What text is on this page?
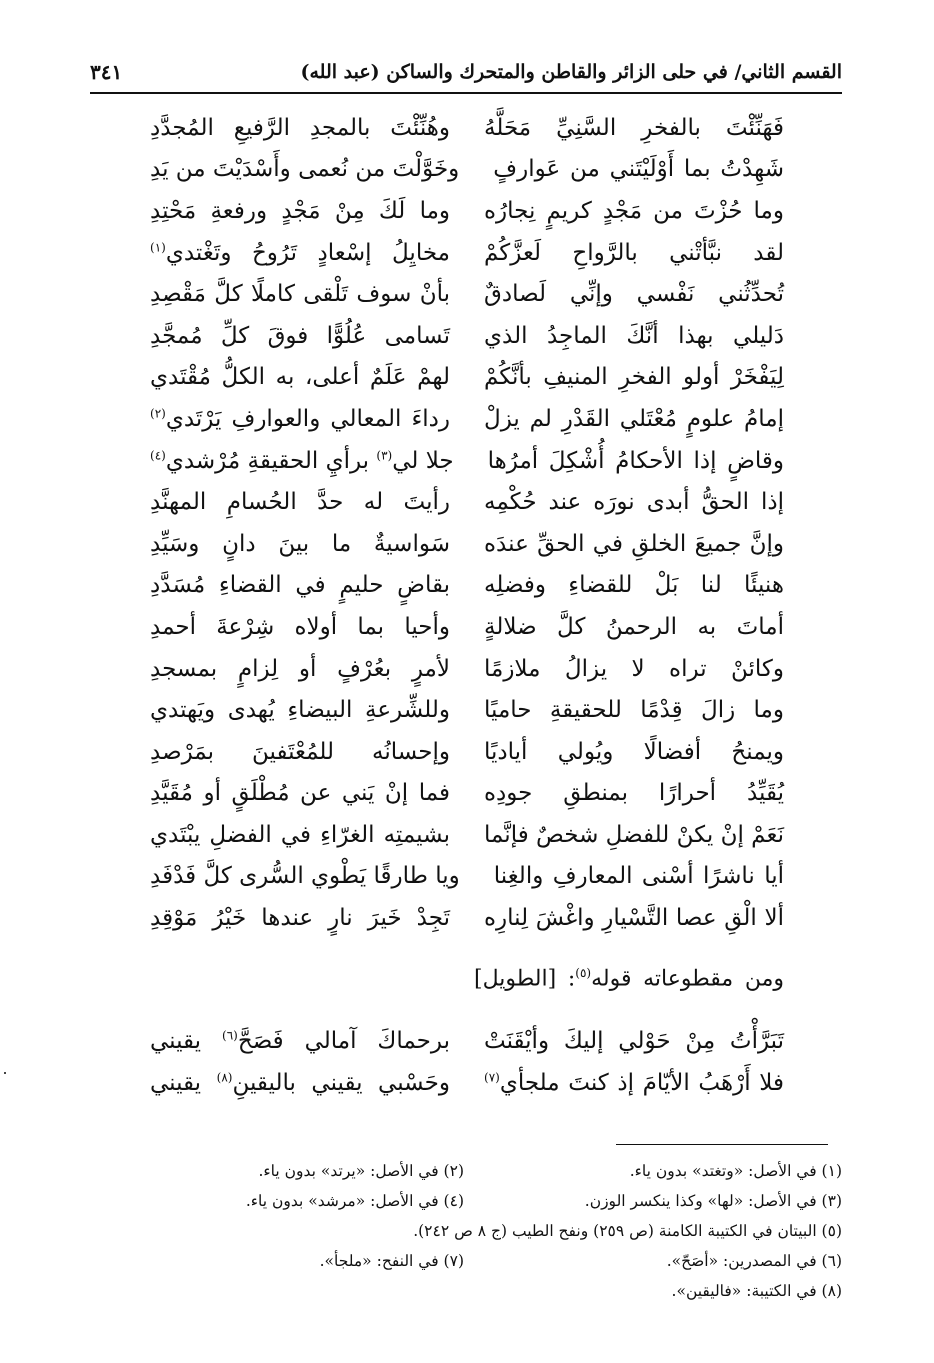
القسم الثاني/ في حلى الزائر والقاطن والمتحرك والساكن (عبد الله)
٣٤١
فَهَنِّئْتَ بالفخرِ السَّنِيِّ مَحَلَّهُ
وهُنِّئْتَ بالمجدِ الرَّفيعِ المُجدَّدِ
شَهِدْتُ بما أَوْلَيْتَني من عَوارفٍ
وخَوَّلْتَ من نُعمى وأَسْدَيْتَ من يَدِ
وما حُزْتَ من مَجْدٍ كريمٍ نِجارُه
وما لَكَ مِنْ مَجْدٍ ورفعةِ مَحْتِدِ
لقد نبَّأتْني بالرَّواحِ لَعزَّكُمْ
مخايِلُ إسْعادٍ تَرُوحُ وتَغْتدي$^{(١)}$
تُحدِّثُني نَفْسي وإنِّي لَصادقٌ
بأنْ سوف تَلْقى كاملًا كلَّ مَقْصِدِ
دَليلي بهذا أنَّكَ الماجِدُ الذي
تَسامى عُلُوًّا فوقَ كلِّ مُمجَّدِ
لِيَفْخَرْ أولو الفخرِ المنيفِ بأنَّكُمْ
لهمْ عَلَمٌ أعلى، به الكلُّ مُقْتَدي
إمامُ علومٍ مُعْتَلي القَدْرِ لم يزلْ
رداءَ المعالي والعوارفِ يَرْتَدي$^{(٢)}$
وقاضٍ إذا الأحكامُ أُشْكِلَ أمرُها
جلا لي$^{(٣)}$ برأيِ الحقيقةِ مُرْشدي$^{(٤)}$
إذا الحقُّ أبدى نورَه عند حُكْمِه
رأيتَ له حدَّ الحُسامِ المهنَّدِ
وإنَّ جميعَ الخلقِ في الحقِّ عندَه
سَواسيةٌ ما بينَ دانٍ وسَيِّدِ
هنيئًا لنا بَلْ للقضاءِ وفضلِه
بقاضٍ حليمٍ في القضاءِ مُسَدَّدِ
أماتَ به الرحمنُ كلَّ ضلالةٍ
وأحيا بما أولاه شِرْعةَ أحمدِ
وكائنْ تراه لا يزالُ ملازمًا
لأمرٍ بعُرْفٍ أو لِزامٍ بمسجدِ
وما زالَ قِدْمًا للحقيقةِ حاميًا
وللشِّرعةِ البيضاءِ يُهدى ويَهتدي
ويمنحُ أفضالًا ويُولي أياديًا
وإحسانُه للمُعْتَفينَ بمَرْصدِ
يُقَيِّدُ أحرارًا بمنطقِ جودِه
فما إنْ يَني عن مُطْلَقٍ أو مُقَيَّدِ
نَعَمْ إنْ يكنْ للفضلِ شخصٌ فإنَّما
بشيمتِه الغرّاءِ في الفضلِ يبْتَدي
أيا ناشرًا أسْنى المعارفِ والغِنا
ويا طارقًا يَطْوي السُّرى كلَّ فَدْفَدِ
ألا الْقِ عصا التَّسْيارِ واغْشَ لِنارِه
تَجِدْ خَيرَ نارٍ عندها خَيْرُ مَوْقِدِ
ومن مقطوعاته قوله$^{(٥)}$: [الطويل]
تَبَرَّأْتُ مِنْ حَوْلي إليكَ وأيْقَنَتْ
برحماكَ آمالي فَصَحَّ$^{(٦)}$ يقيني
فلا أَرْهَبُ الأيّامَ إذ كنتَ ملجأي$^{(٧)}$
وحَسْبي يقيني باليقينِ$^{(٨)}$ يقيني
(١) في الأصل: «وتغتد» بدون ياء.
(٢) في الأصل: «يرتد» بدون ياء.
(٣) في الأصل: «لها» وكذا ينكسر الوزن.
(٤) في الأصل: «مرشد» بدون ياء.
(٥) البيتان في الكتيبة الكامنة (ص ٢٥٩) ونفح الطيب (ج ٨ ص ٢٤٢).
(٦) في المصدرين: «أصَحّ».
(٧) في النفح: «ملجأ».
(٨) في الكتيبة: «فاليقين».
